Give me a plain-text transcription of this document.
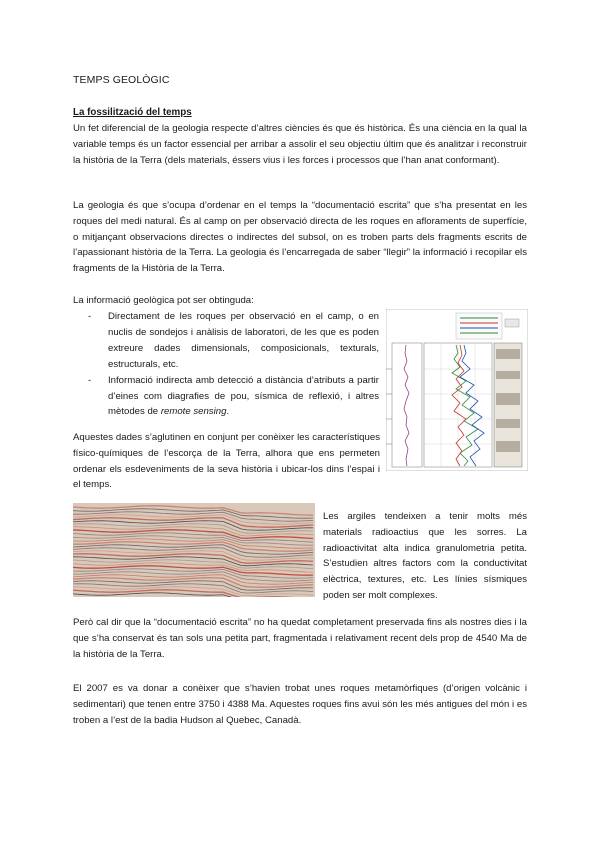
TEMPS GEOLÒGIC
La fossilització del temps
Un fet diferencial de la geologia respecte d’altres ciències és que és històrica. És una ciència en la qual la variable temps és un factor essencial per arribar a assolir el seu objectiu últim que és analitzar i reconstruir la història de la Terra (dels materials, éssers vius i les forces i processos que l’han anat conformant).
La geologia és que s’ocupa d’ordenar en el temps la “documentació escrita” que s’ha presentat en les roques del medi natural. És al camp on per observació directa de les roques en afloraments de superfície, o mitjançant observacions directes o indirectes del subsol, on es troben parts dels fragments escrits de l’apassionant història de la Terra. La geologia és l’encarregada de saber “llegir” la informació i recopilar els fragments de la Història de la Terra.
La informació geològica pot ser obtinguda:
- Directament de les roques per observació en el camp, o en nuclis de sondejos i anàlisis de laboratori, de les que es poden extreure dades dimensionals, composicionals, texturals, estructurals, etc.
- Informació indirecta amb detecció a distància d’atributs a partir d’eines com diagrafies de pou, sísmica de reflexió, i altres mètodes de remote sensing.
Aquestes dades s’aglutinen en conjunt per conèixer les característiques físico-químiques de l’escorça de la Terra, alhora que ens permeten ordenar els esdeveniments de la seva història i ubicar-los dins l’espai i el temps.
Les argiles tendeixen a tenir molts més materials radioactius que les sorres. La radioactivitat alta indica granulometria petita. S’estudien altres factors com la conductivitat elèctrica, textures, etc. Les línies sísmiques poden ser molt complexes.
Però cal dir que la “documentació escrita” no ha quedat completament preservada fins als nostres dies i la que s’ha conservat és tan sols una petita part, fragmentada i relativament recent dels prop de 4540 Ma de la història de la Terra.
El 2007 es va donar a conèixer que s’havien trobat unes roques metamòrfiques (d’origen volcànic i sedimentari) que tenen entre 3750 i 4388 Ma. Aquestes roques fins avui són les més antigues del món i es troben a l’est de la badia Hudson al Quebec, Canadà.
